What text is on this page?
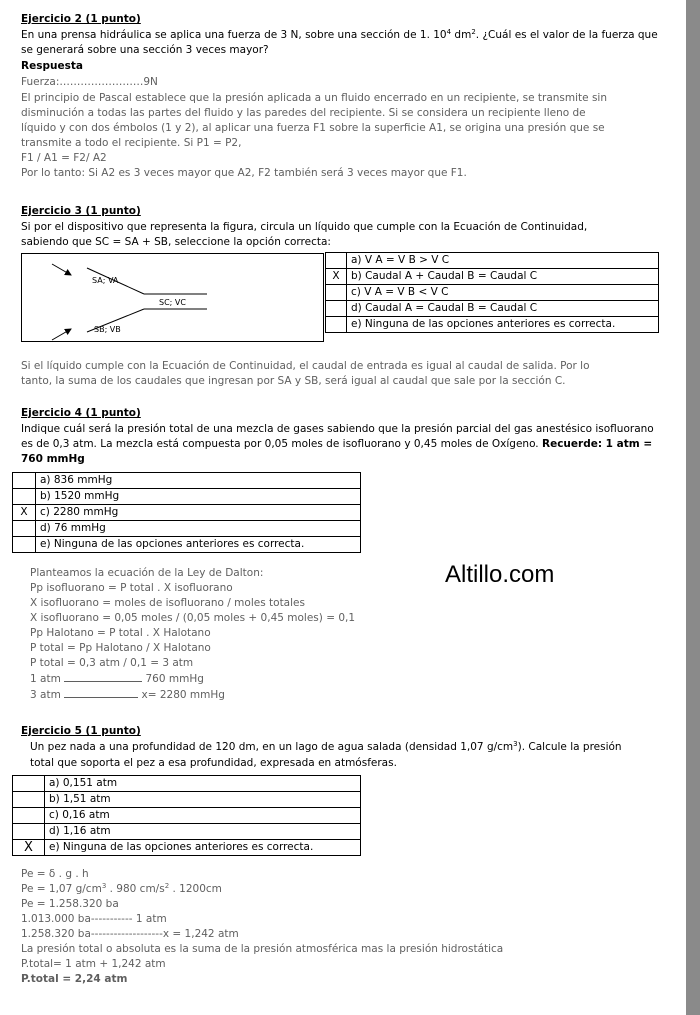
Ejercicio 2 (1 punto)
En una prensa hidráulica se aplica una fuerza de 3 N, sobre una sección de 1. $10^4$ $dm^2$. ¿Cuál es el valor de la fuerza que
se generará sobre una sección 3 veces mayor?
Respuesta
Fuerza:……………………9N
El principio de Pascal establece que la presión aplicada a un fluido encerrado en un recipiente, se transmite sin
disminución a todas las partes del fluido y las paredes del recipiente. Si se considera un recipiente lleno de
líquido y con dos émbolos (1 y 2), al aplicar una fuerza F1 sobre la superficie A1, se origina una presión que se
transmite a todo el recipiente. Si P1 = P2,
F1 / A1 = F2/ A2
Por lo tanto: Si A2 es 3 veces mayor que A2, F2 también será 3 veces mayor que F1.
Ejercicio 3 (1 punto)
Si por el dispositivo que representa la figura, circula un líquido que cumple con la Ecuación de Continuidad,
sabiendo que SC = SA + SB, seleccione la opción correcta:
SA; VA
SC; VC
SB; VB
	a) V A = V B > V C
X	b) Caudal A + Caudal B = Caudal C
	c) V A = V B < V C
	d) Caudal A = Caudal B = Caudal C
	e) Ninguna de las opciones anteriores es correcta.
Si el líquido cumple con la Ecuación de Continuidad, el caudal de entrada es igual al caudal de salida. Por lo
tanto, la suma de los caudales que ingresan por SA y SB, será igual al caudal que sale por la sección C.
Ejercicio 4 (1 punto)
Indique cuál será la presión total de una mezcla de gases sabiendo que la presión parcial del gas anestésico isofluorano
es de 0,3 atm. La mezcla está compuesta por 0,05 moles de isofluorano y 0,45 moles de Oxígeno. Recuerde: 1 atm =
760 mmHg
	a) 836 mmHg
	b) 1520 mmHg
X	c) 2280 mmHg
	d) 76 mmHg
	e) Ninguna de las opciones anteriores es correcta.
Planteamos la ecuación de la Ley de Dalton:
Pp isofluorano = P total . X isofluorano
X isofluorano = moles de isofluorano / moles totales
X isofluorano = 0,05 moles / (0,05 moles + 0,45 moles) = 0,1
Pp Halotano = P total . X Halotano
P total = Pp Halotano / X Halotano
P total = 0,3 atm / 0,1 = 3 atm
1 atm	760 mmHg
3 atm	x= 2280 mmHg
Altillo.com
Ejercicio 5 (1 punto)
Un pez nada a una profundidad de 120 dm, en un lago de agua salada (densidad 1,07 $g/cm^3$). Calcule la presión
total que soporta el pez a esa profundidad, expresada en atmósferas.
	a) 0,151 atm
	b) 1,51 atm
	c) 0,16 atm
	d) 1,16 atm
X	e) Ninguna de las opciones anteriores es correcta.
Pe = δ . g . h
Pe = 1,07 $g/cm^3$ . 980 $cm/s^2$ . 1200cm
Pe = 1.258.320 ba
1.013.000 ba----------- 1 atm
1.258.320 ba-------------------x = 1,242 atm
La presión total o absoluta es la suma de la presión atmosférica mas la presión hidrostática
P.total= 1 atm + 1,242 atm
P.total = 2,24 atm
